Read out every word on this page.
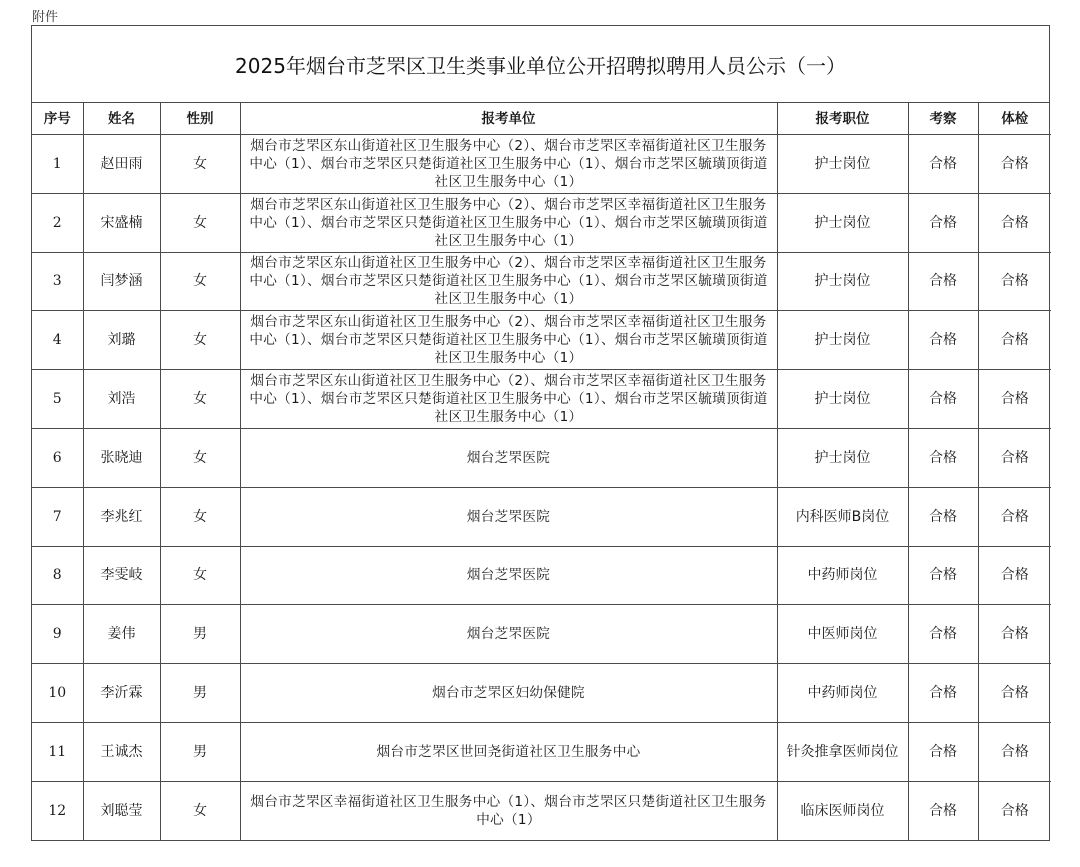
附件
2025年烟台市芝罘区卫生类事业单位公开招聘拟聘用人员公示（一）
序号	姓名	性别	报考单位	报考职位	考察	体检
1	赵田雨	女	烟台市芝罘区东山街道社区卫生服务中心（2）、烟台市芝罘区幸福街道社区卫生服务中心（1）、烟台市芝罘区只楚街道社区卫生服务中心（1）、烟台市芝罘区毓璜顶街道社区卫生服务中心（1）	护士岗位	合格	合格
2	宋盛楠	女	烟台市芝罘区东山街道社区卫生服务中心（2）、烟台市芝罘区幸福街道社区卫生服务中心（1）、烟台市芝罘区只楚街道社区卫生服务中心（1）、烟台市芝罘区毓璜顶街道社区卫生服务中心（1）	护士岗位	合格	合格
3	闫梦涵	女	烟台市芝罘区东山街道社区卫生服务中心（2）、烟台市芝罘区幸福街道社区卫生服务中心（1）、烟台市芝罘区只楚街道社区卫生服务中心（1）、烟台市芝罘区毓璜顶街道社区卫生服务中心（1）	护士岗位	合格	合格
4	刘璐	女	烟台市芝罘区东山街道社区卫生服务中心（2）、烟台市芝罘区幸福街道社区卫生服务中心（1）、烟台市芝罘区只楚街道社区卫生服务中心（1）、烟台市芝罘区毓璜顶街道社区卫生服务中心（1）	护士岗位	合格	合格
5	刘浩	女	烟台市芝罘区东山街道社区卫生服务中心（2）、烟台市芝罘区幸福街道社区卫生服务中心（1）、烟台市芝罘区只楚街道社区卫生服务中心（1）、烟台市芝罘区毓璜顶街道社区卫生服务中心（1）	护士岗位	合格	合格
6	张晓迪	女	烟台芝罘医院	护士岗位	合格	合格
7	李兆红	女	烟台芝罘医院	内科医师B岗位	合格	合格
8	李雯岐	女	烟台芝罘医院	中药师岗位	合格	合格
9	姜伟	男	烟台芝罘医院	中医师岗位	合格	合格
10	李沂霖	男	烟台市芝罘区妇幼保健院	中药师岗位	合格	合格
11	王诚杰	男	烟台市芝罘区世回尧街道社区卫生服务中心	针灸推拿医师岗位	合格	合格
12	刘聪莹	女	烟台市芝罘区幸福街道社区卫生服务中心（1）、烟台市芝罘区只楚街道社区卫生服务中心（1）	临床医师岗位	合格	合格
